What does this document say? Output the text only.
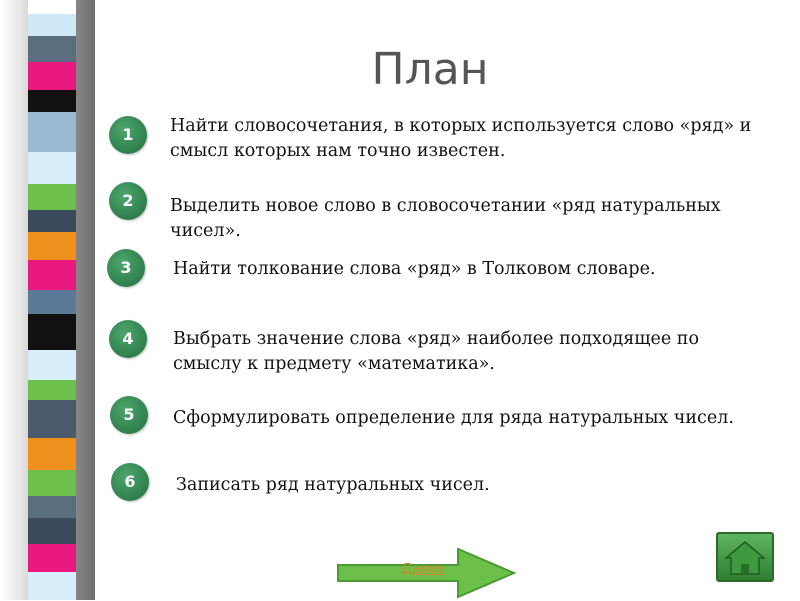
План
1	Найти словосочетания, в которых используется слово «ряд» и смысл которых нам точно известен.
2	Выделить новое слово в словосочетании «ряд натуральных чисел».
3	Найти толкование слова «ряд» в Толковом словаре.
4	Выбрать значение слова «ряд» наиболее подходящее по смыслу к предмету «математика».
5	Сформулировать определение для ряда натуральных чисел.
6	Записать ряд натуральных чисел.
Далее
